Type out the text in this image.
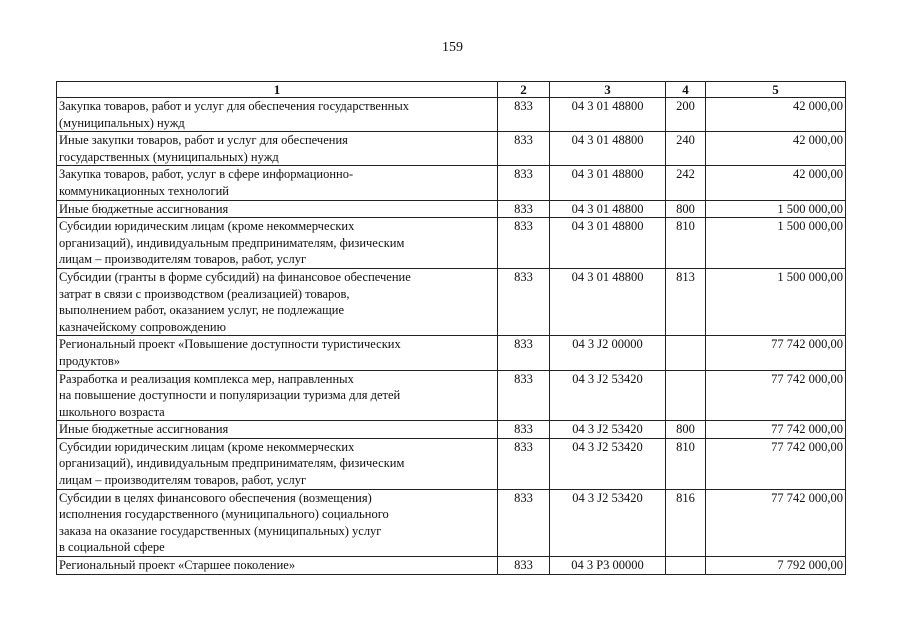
159
1	2	3	4	5
Закупка товаров, работ и услуг для обеспечения государственных
(муниципальных) нужд	833	04 3 01 48800	200	42 000,00
Иные закупки товаров, работ и услуг для обеспечения
государственных (муниципальных) нужд	833	04 3 01 48800	240	42 000,00
Закупка товаров, работ, услуг в сфере информационно-
коммуникационных технологий	833	04 3 01 48800	242	42 000,00
Иные бюджетные ассигнования	833	04 3 01 48800	800	1 500 000,00
Субсидии юридическим лицам (кроме некоммерческих
организаций), индивидуальным предпринимателям, физическим
лицам – производителям товаров, работ, услуг	833	04 3 01 48800	810	1 500 000,00
Субсидии (гранты в форме субсидий) на финансовое обеспечение
затрат в связи с производством (реализацией) товаров,
выполнением работ, оказанием услуг, не подлежащие
казначейскому сопровождению	833	04 3 01 48800	813	1 500 000,00
Региональный проект «Повышение доступности туристических
продуктов»	833	04 3 J2 00000		77 742 000,00
Разработка и реализация комплекса мер, направленных
на повышение доступности и популяризации туризма для детей
школьного возраста	833	04 3 J2 53420		77 742 000,00
Иные бюджетные ассигнования	833	04 3 J2 53420	800	77 742 000,00
Субсидии юридическим лицам (кроме некоммерческих
организаций), индивидуальным предпринимателям, физическим
лицам – производителям товаров, работ, услуг	833	04 3 J2 53420	810	77 742 000,00
Субсидии в целях финансового обеспечения (возмещения)
исполнения государственного (муниципального) социального
заказа на оказание государственных (муниципальных) услуг
в социальной сфере	833	04 3 J2 53420	816	77 742 000,00
Региональный проект «Старшее поколение»	833	04 3 P3 00000		7 792 000,00
